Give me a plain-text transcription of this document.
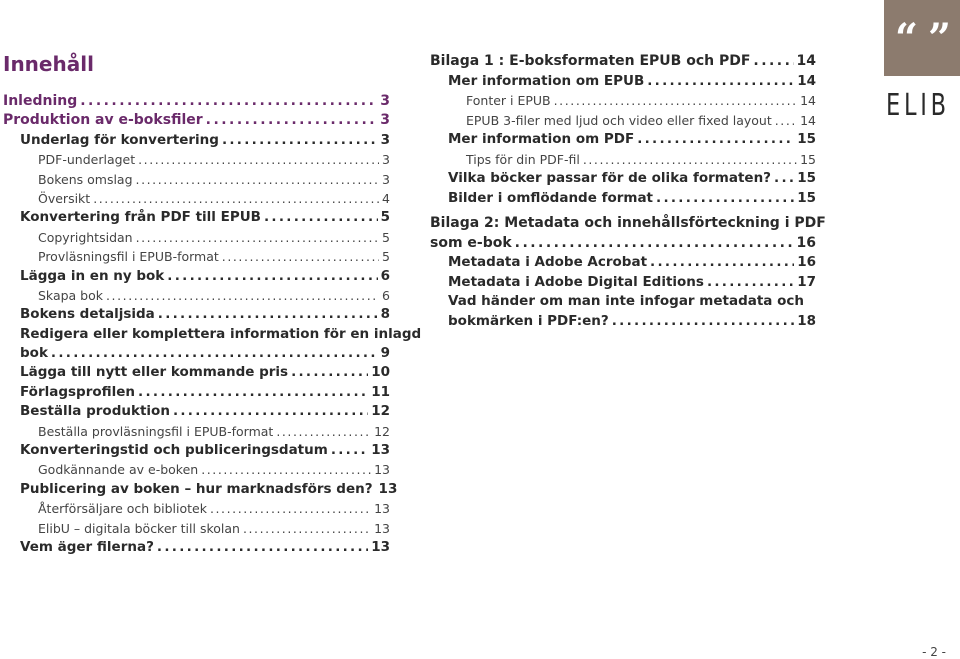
Innehåll
Inledning . . .	3
Produktion av e-boksfiler . . .	3
Underlag för konvertering . . .	3
PDF-underlaget . . .	3
Bokens omslag . . .	3
Översikt . . .	4
Konvertering från PDF till EPUB . . .	5
Copyrightsidan . . .	5
Provläsningsfil i EPUB-format . . .	5
Lägga in en ny bok . . .	6
Skapa bok . . .	6
Bokens detaljsida . . .	8
Redigera eller komplettera information för en inlagd
bok . . .	9
Lägga till nytt eller kommande pris . . .	10
Förlagsprofilen . . .	11
Beställa produktion . . .	12
Beställa provläsningsfil i EPUB-format . . .	12
Konverteringstid och publiceringsdatum . . .	13
Godkännande av e-boken . . .	13
Publicering av boken – hur marknadsförs den? 13
Återförsäljare och bibliotek . . .	13
ElibU – digitala böcker till skolan . . .	13
Vem äger filerna? . . .	13
Bilaga 1 : E-boksformaten EPUB och PDF . . .	14
Mer information om EPUB . . .	14
Fonter i EPUB . . .	14
EPUB 3-filer med ljud och video eller fixed layout . . . 14
Mer information om PDF . . .	15
Tips för din PDF-fil . . .	15
Vilka böcker passar för de olika formaten? . . . 15
Bilder i omflödande format . . .	15
Bilaga 2: Metadata och innehållsförteckning i PDF
som e-bok . . .	16
Metadata i Adobe Acrobat . . .	16
Metadata i Adobe Digital Editions . . .	17
Vad händer om man inte infogar metadata och
bokmärken i PDF:en? . . .	18
“ ”
ELIB
- 2 -
